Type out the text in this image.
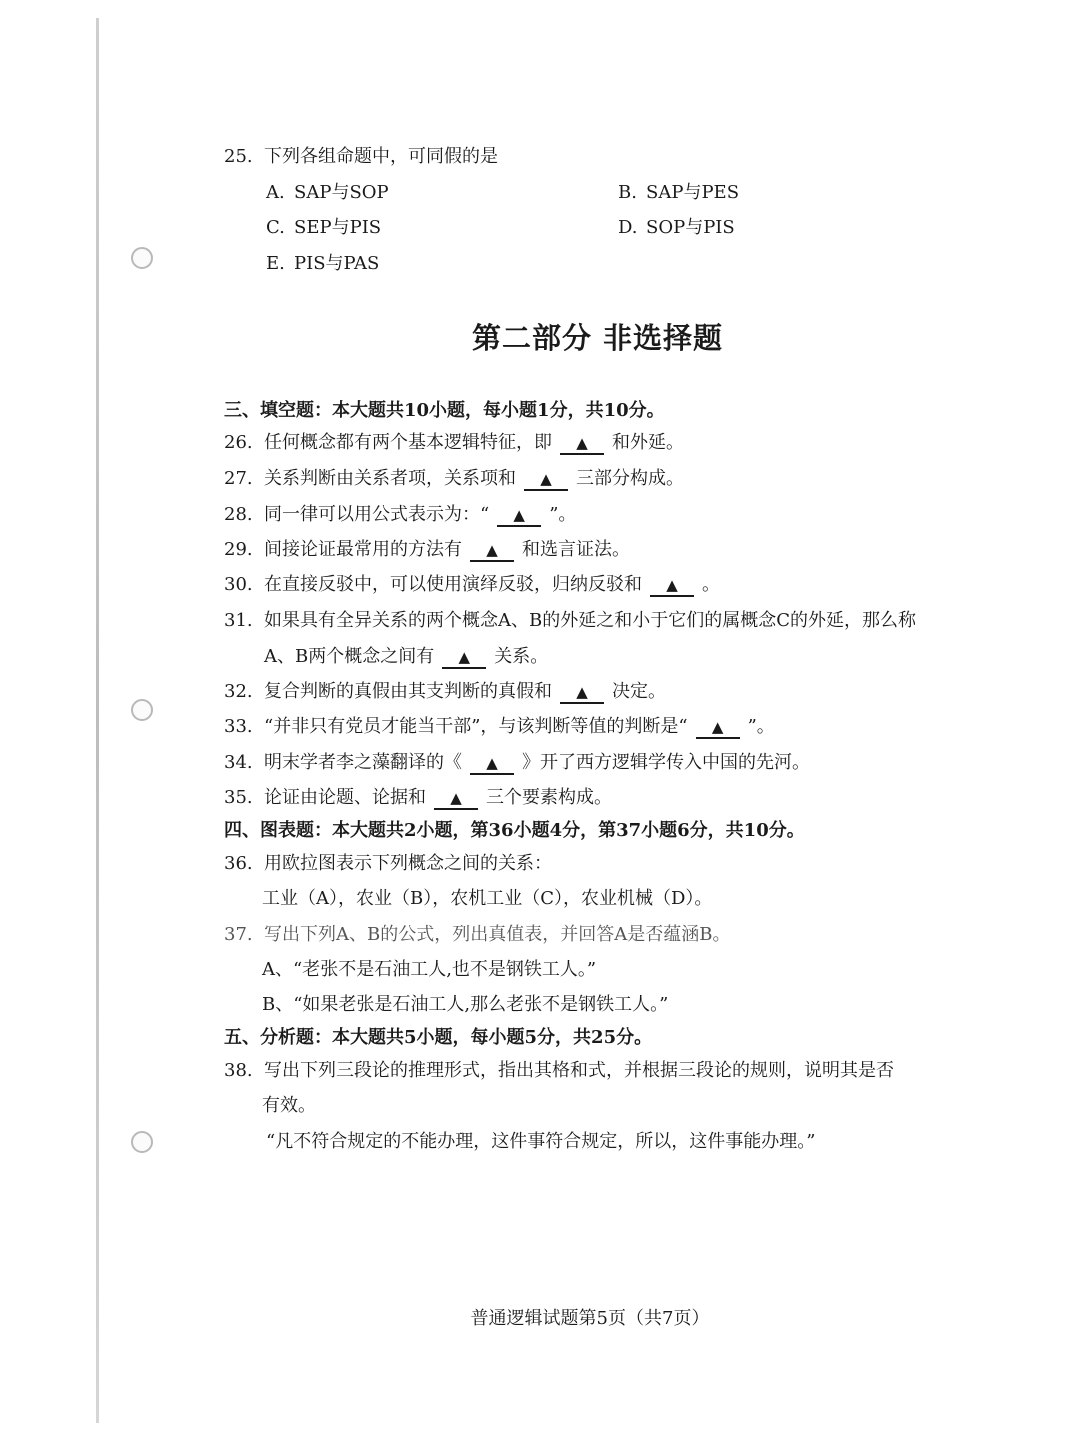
25. 下列各组命题中，可同假的是
A. SAP与SOP	B. SAP与PES
C. SEP与PIS	D. SOP与PIS
E. PIS与PAS
第二部分 非选择题
三、填空题：本大题共10小题，每小题1分，共10分。
26. 任何概念都有两个基本逻辑特征，即 ▲ 和外延。
27. 关系判断由关系者项，关系项和 ▲ 三部分构成。
28. 同一律可以用公式表示为：“ ▲ ”。
29. 间接论证最常用的方法有 ▲ 和选言证法。
30. 在直接反驳中，可以使用演绎反驳，归纳反驳和 ▲ 。
31. 如果具有全异关系的两个概念A、B的外延之和小于它们的属概念C的外延，那么称
A、B两个概念之间有 ▲ 关系。
32. 复合判断的真假由其支判断的真假和 ▲ 决定。
33. “并非只有党员才能当干部”，与该判断等值的判断是“ ▲ ”。
34. 明末学者李之藻翻译的《 ▲ 》开了西方逻辑学传入中国的先河。
35. 论证由论题、论据和 ▲ 三个要素构成。
四、图表题：本大题共2小题，第36小题4分，第37小题6分，共10分。
36. 用欧拉图表示下列概念之间的关系：
工业（A），农业（B），农机工业（C），农业机械（D）。
37. 写出下列A、B的公式，列出真值表，并回答A是否蕴涵B。
A、“老张不是石油工人,也不是钢铁工人。”
B、“如果老张是石油工人,那么老张不是钢铁工人。”
五、分析题：本大题共5小题，每小题5分，共25分。
38. 写出下列三段论的推理形式，指出其格和式，并根据三段论的规则，说明其是否
有效。
“凡不符合规定的不能办理，这件事符合规定，所以，这件事能办理。”
普通逻辑试题第5页（共7页）
